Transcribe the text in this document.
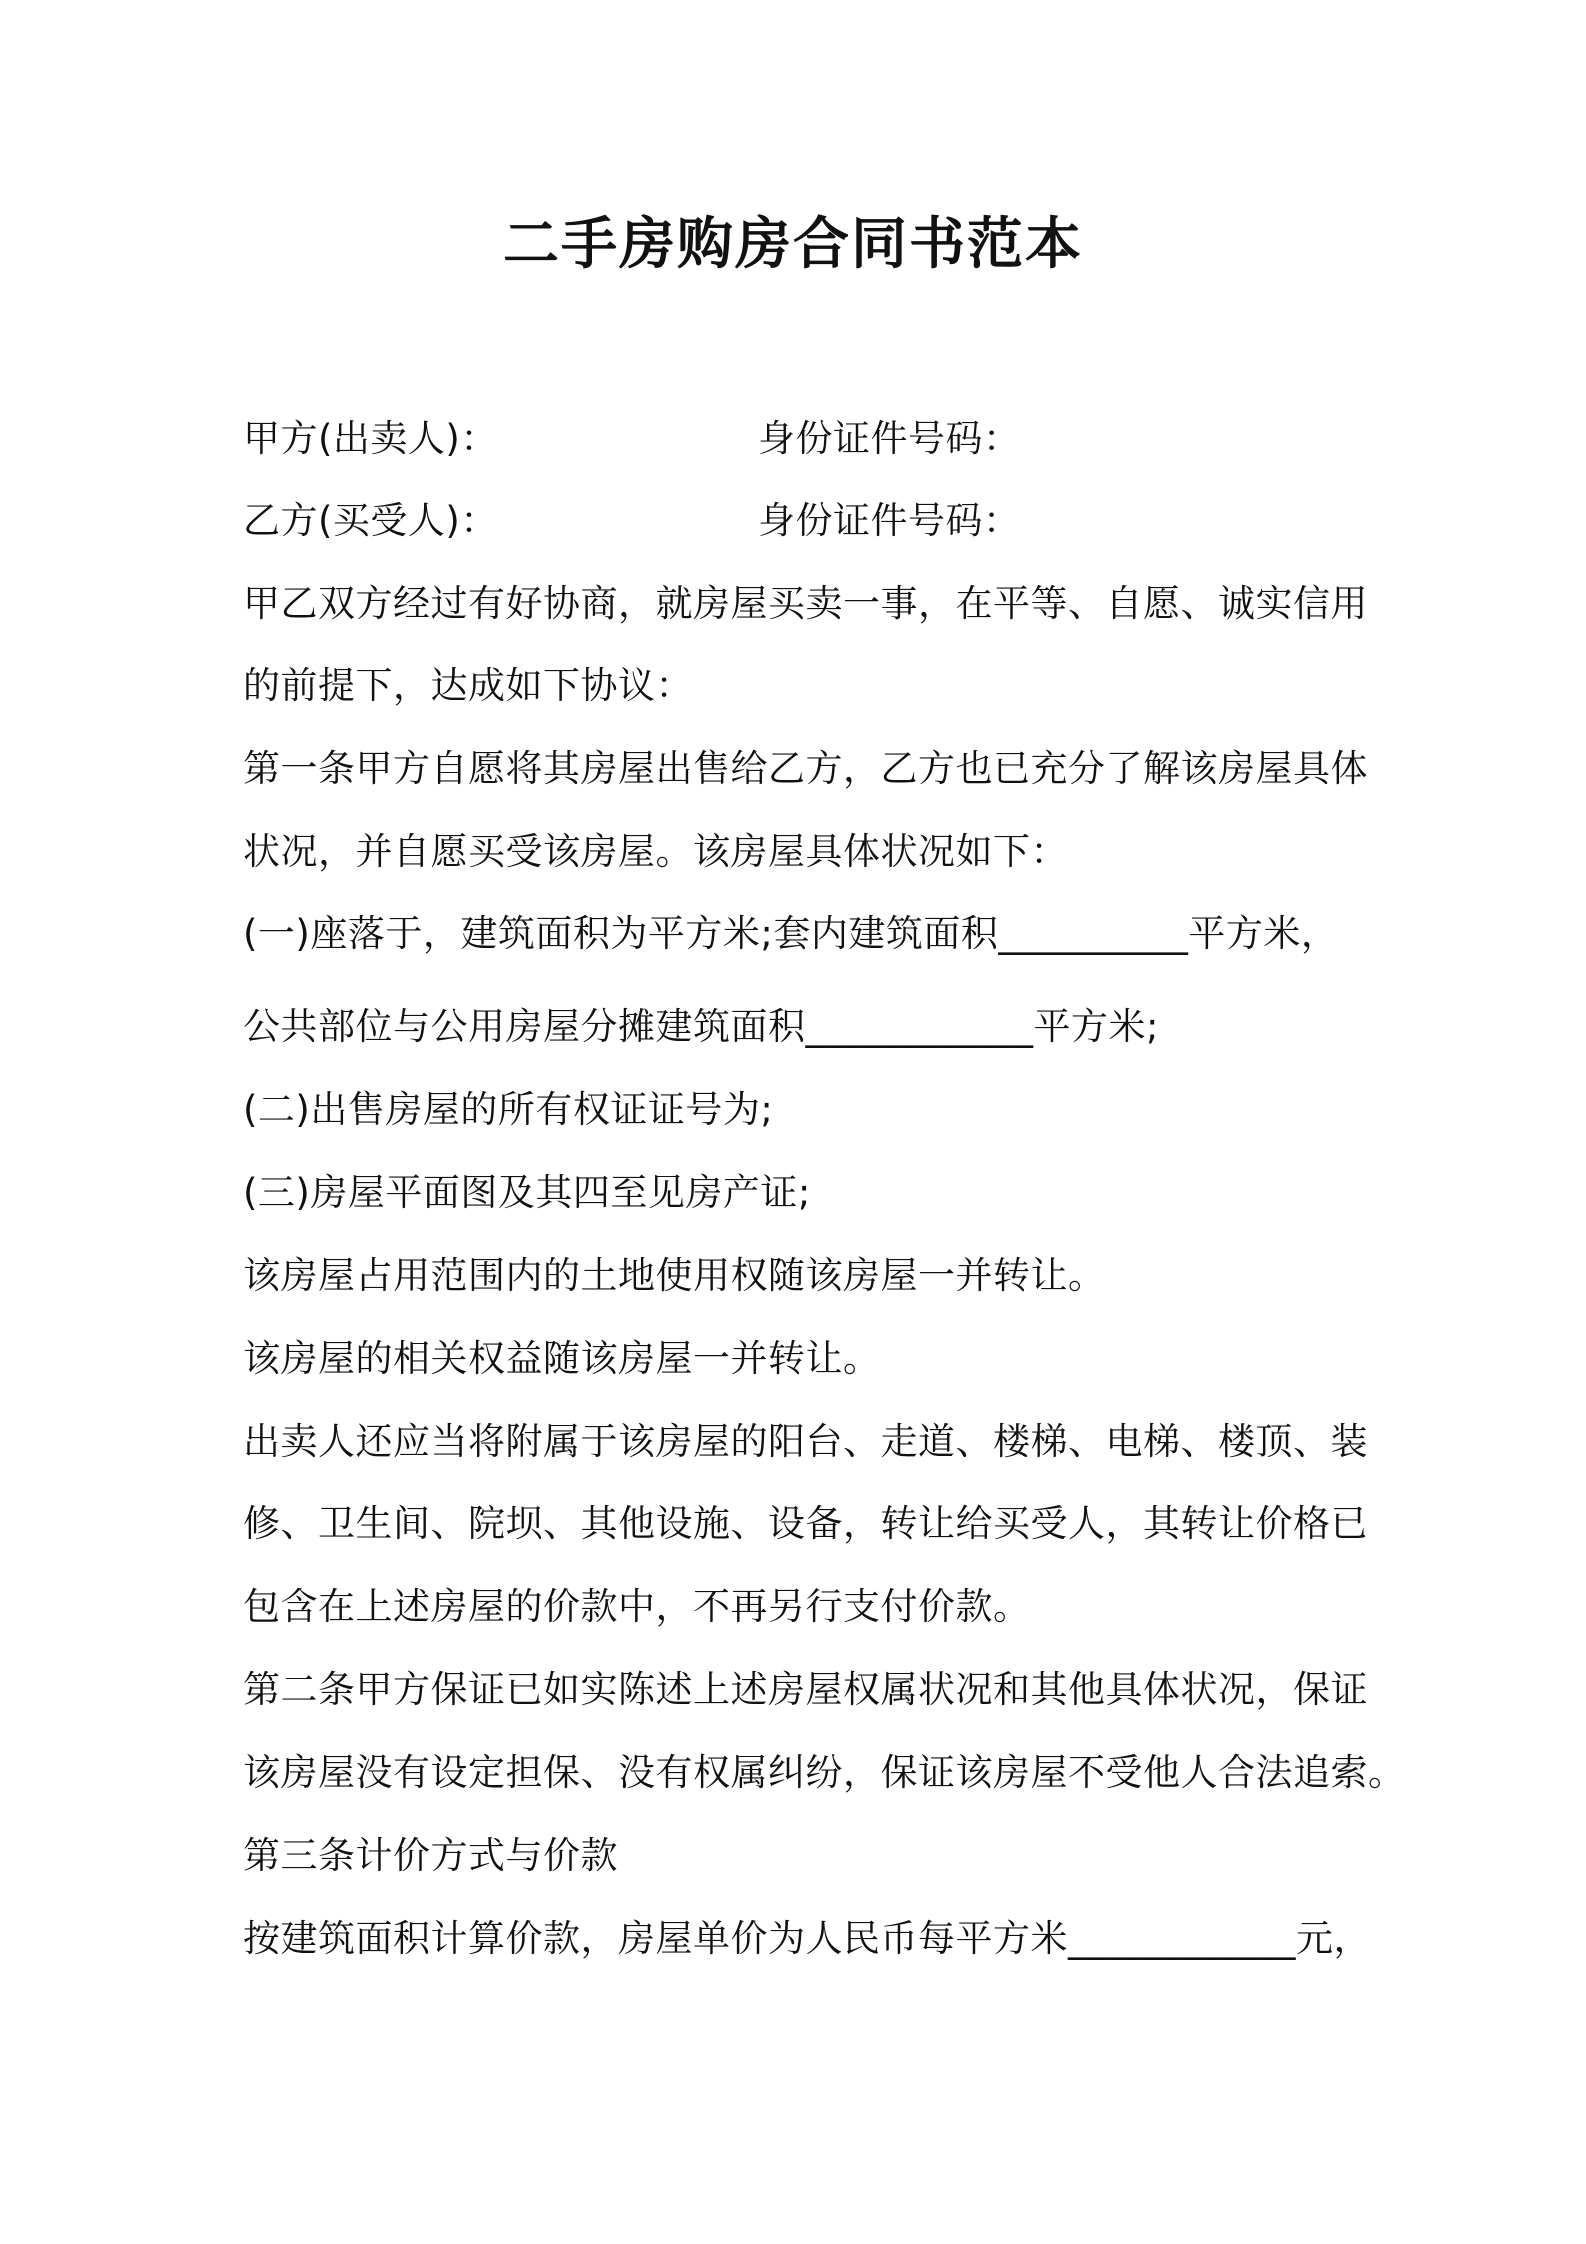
二手房购房合同书范本
甲方(出卖人)：	身份证件号码：
乙方(买受人)：	身份证件号码：
甲乙双方经过有好协商，就房屋买卖一事，在平等、自愿、诚实信用
的前提下，达成如下协议：
第一条甲方自愿将其房屋出售给乙方，乙方也已充分了解该房屋具体
状况，并自愿买受该房屋。该房屋具体状况如下：
(一)座落于，建筑面积为平方米;套内建筑面积__________平方米，
公共部位与公用房屋分摊建筑面积____________平方米;
(二)出售房屋的所有权证证号为;
(三)房屋平面图及其四至见房产证;
该房屋占用范围内的土地使用权随该房屋一并转让。
该房屋的相关权益随该房屋一并转让。
出卖人还应当将附属于该房屋的阳台、走道、楼梯、电梯、楼顶、装
修、卫生间、院坝、其他设施、设备，转让给买受人，其转让价格已
包含在上述房屋的价款中，不再另行支付价款。
第二条甲方保证已如实陈述上述房屋权属状况和其他具体状况，保证
该房屋没有设定担保、没有权属纠纷，保证该房屋不受他人合法追索。
第三条计价方式与价款
按建筑面积计算价款，房屋单价为人民币每平方米____________元，
